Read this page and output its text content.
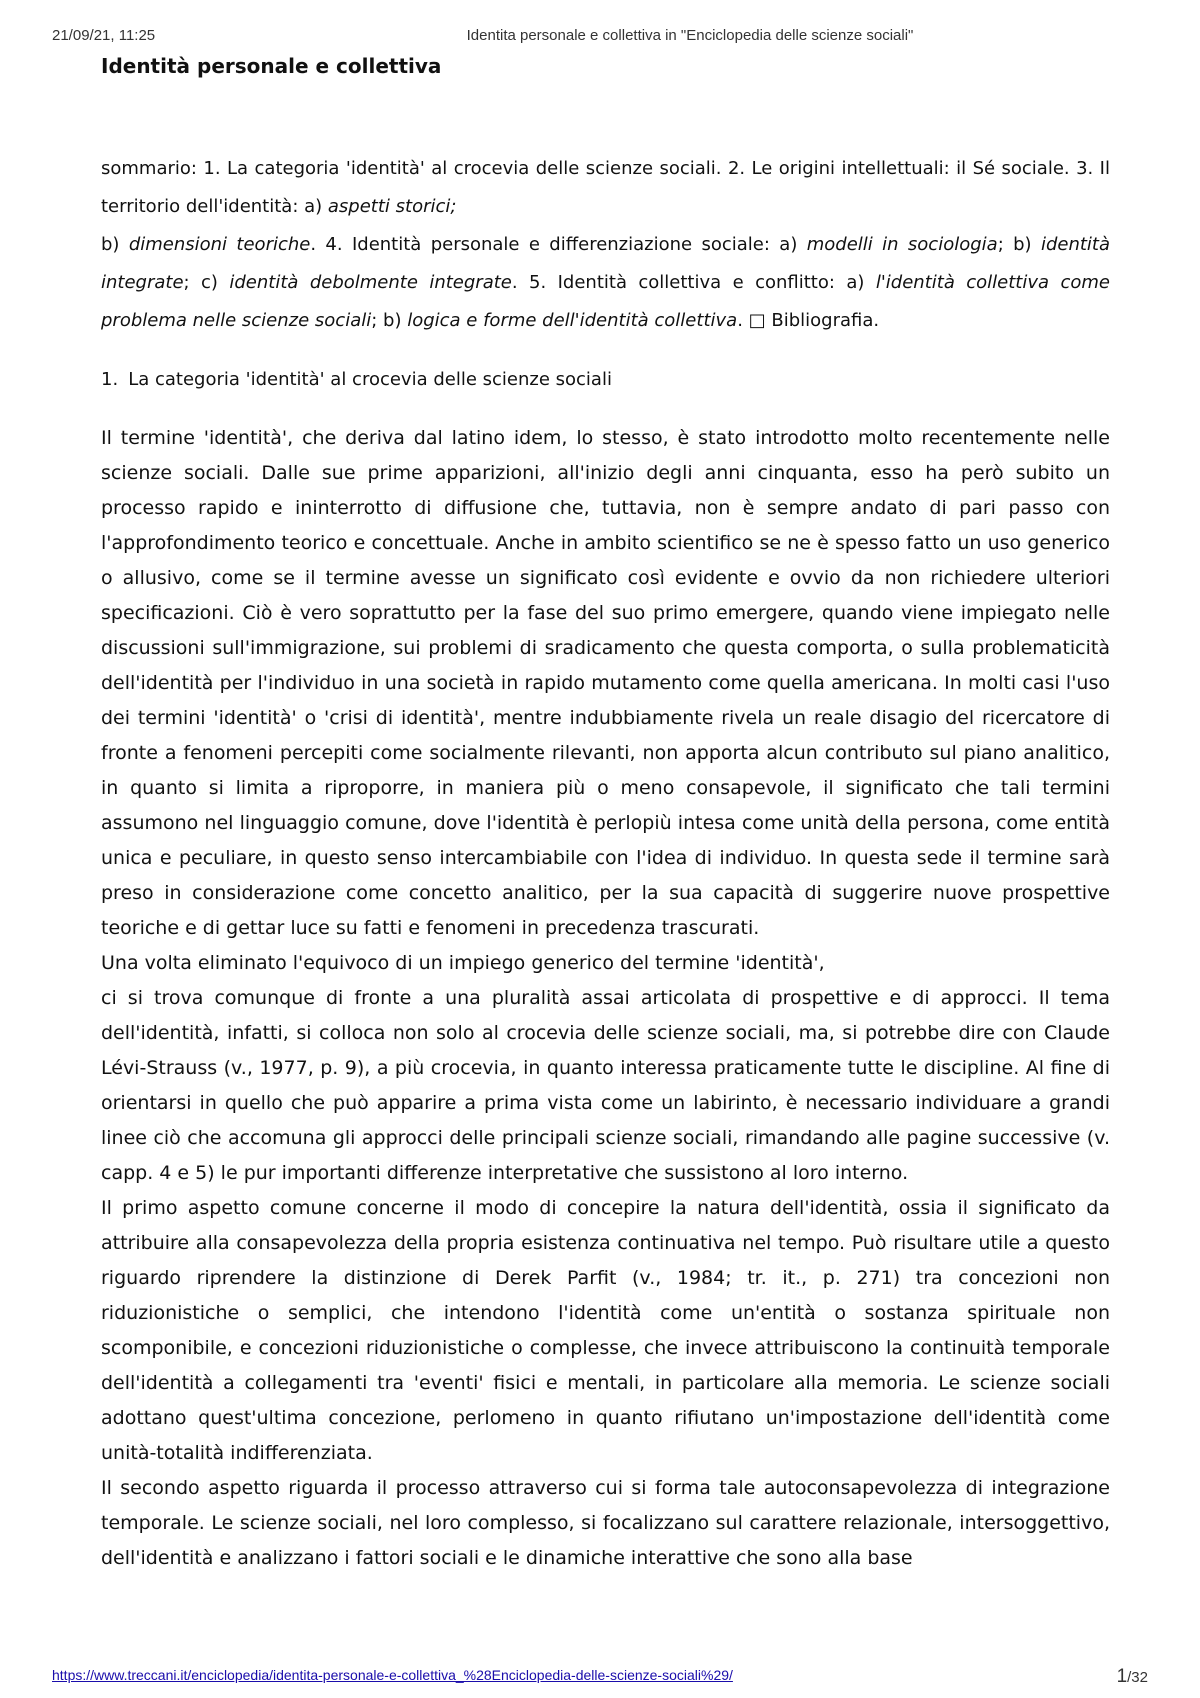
21/09/21, 11:25	Identita personale e collettiva in "Enciclopedia delle scienze sociali"
Identità personale e collettiva

sommario: 1. La categoria 'identità' al crocevia delle scienze sociali. 2. Le origini intellettuali: il Sé sociale. 3. Il territorio dell'identità: a) aspetti storici;

b) dimensioni teoriche. 4. Identità personale e differenziazione sociale: a) modelli in sociologia; b) identità integrate; c) identità debolmente integrate. 5. Identità collettiva e conflitto: a) l'identità collettiva come problema nelle scienze sociali; b) logica e forme dell'identità collettiva. □ Bibliografia.

1. La categoria 'identità' al crocevia delle scienze sociali

Il termine 'identità', che deriva dal latino idem, lo stesso, è stato introdotto molto recentemente nelle scienze sociali. Dalle sue prime apparizioni, all'inizio degli anni cinquanta, esso ha però subito un processo rapido e ininterrotto di diffusione che, tuttavia, non è sempre andato di pari passo con l'approfondimento teorico e concettuale. Anche in ambito scientifico se ne è spesso fatto un uso generico o allusivo, come se il termine avesse un significato così evidente e ovvio da non richiedere ulteriori specificazioni. Ciò è vero soprattutto per la fase del suo primo emergere, quando viene impiegato nelle discussioni sull'immigrazione, sui problemi di sradicamento che questa comporta, o sulla problematicità dell'identità per l'individuo in una società in rapido mutamento come quella americana. In molti casi l'uso dei termini 'identità' o 'crisi di identità', mentre indubbiamente rivela un reale disagio del ricercatore di fronte a fenomeni percepiti come socialmente rilevanti, non apporta alcun contributo sul piano analitico, in quanto si limita a riproporre, in maniera più o meno consapevole, il significato che tali termini assumono nel linguaggio comune, dove l'identità è perlopiù intesa come unità della persona, come entità unica e peculiare, in questo senso intercambiabile con l'idea di individuo. In questa sede il termine sarà preso in considerazione come concetto analitico, per la sua capacità di suggerire nuove prospettive teoriche e di gettar luce su fatti e fenomeni in precedenza trascurati.

Una volta eliminato l'equivoco di un impiego generico del termine 'identità',

ci si trova comunque di fronte a una pluralità assai articolata di prospettive e di approcci. Il tema dell'identità, infatti, si colloca non solo al crocevia delle scienze sociali, ma, si potrebbe dire con Claude Lévi-Strauss (v., 1977, p. 9), a più crocevia, in quanto interessa praticamente tutte le discipline. Al fine di orientarsi in quello che può apparire a prima vista come un labirinto, è necessario individuare a grandi linee ciò che accomuna gli approcci delle principali scienze sociali, rimandando alle pagine successive (v. capp. 4 e 5) le pur importanti differenze interpretative che sussistono al loro interno.

Il primo aspetto comune concerne il modo di concepire la natura dell'identità, ossia il significato da attribuire alla consapevolezza della propria esistenza continuativa nel tempo. Può risultare utile a questo riguardo riprendere la distinzione di Derek Parfit (v., 1984; tr. it., p. 271) tra concezioni non riduzionistiche o semplici, che intendono l'identità come un'entità o sostanza spirituale non scomponibile, e concezioni riduzionistiche o complesse, che invece attribuiscono la continuità temporale dell'identità a collegamenti tra 'eventi' fisici e mentali, in particolare alla memoria. Le scienze sociali adottano quest'ultima concezione, perlomeno in quanto rifiutano un'impostazione dell'identità come unità-totalità indifferenziata.

Il secondo aspetto riguarda il processo attraverso cui si forma tale autoconsapevolezza di integrazione temporale. Le scienze sociali, nel loro complesso, si focalizzano sul carattere relazionale, intersoggettivo, dell'identità e analizzano i fattori sociali e le dinamiche interattive che sono alla base

https://www.treccani.it/enciclopedia/identita-personale-e-collettiva_%28Enciclopedia-delle-scienze-sociali%29/	1/32
